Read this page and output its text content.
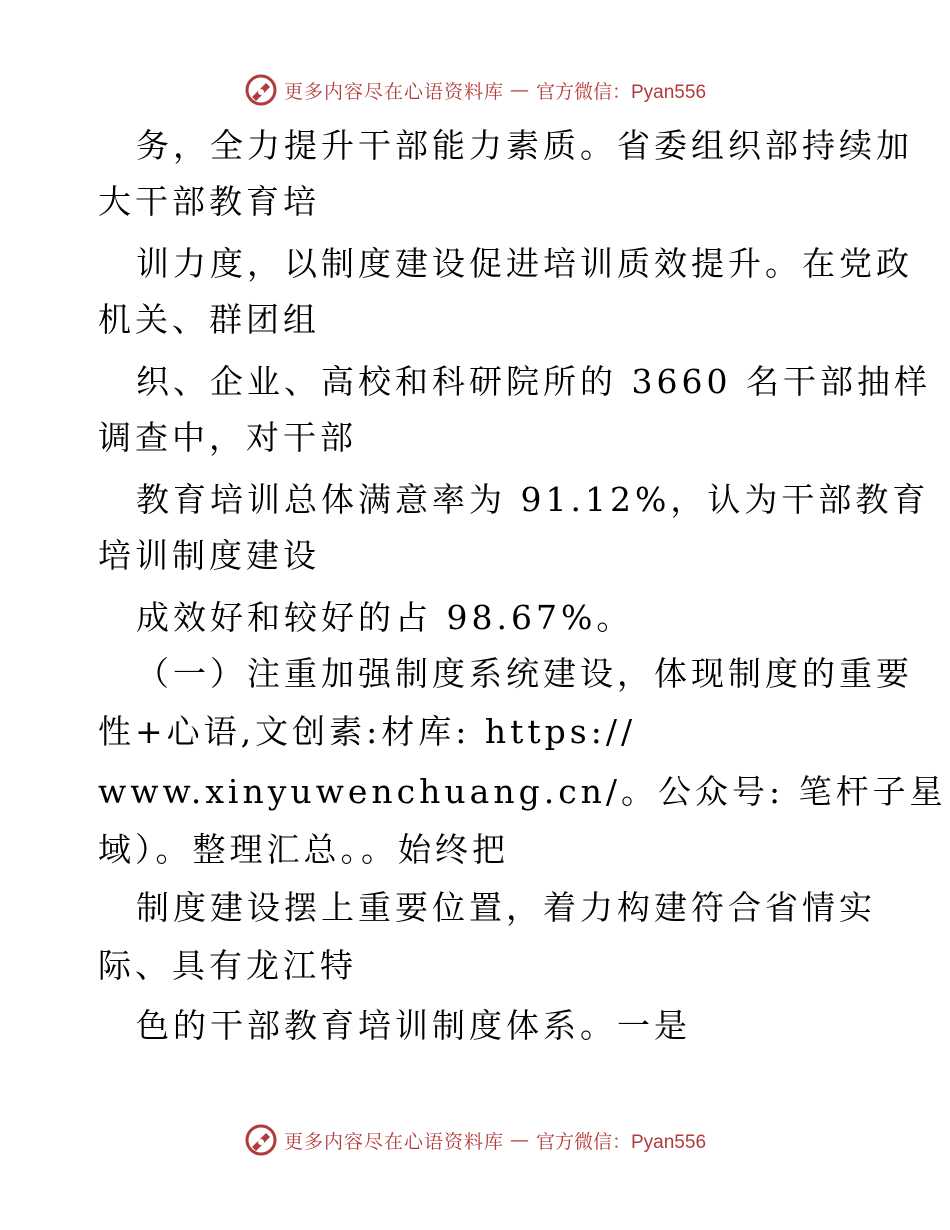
更多内容尽在心语资料库 — 官方微信：Pyan556
务，全力提升干部能力素质。省委组织部持续加
大干部教育培
训力度，以制度建设促进培训质效提升。在党政
机关、群团组
织、企业、高校和科研院所的 3660 名干部抽样
调查中，对干部
教育培训总体满意率为 91.12%，认为干部教育
培训制度建设
成效好和较好的占 98.67%。
（一）注重加强制度系统建设，体现制度的重要
性+心语,文创素:材库: https://
www.xinyuwenchuang.cn/。公众号: 笔杆子星
域）。整理汇总。。始终把
制度建设摆上重要位置，着力构建符合省情实
际、具有龙江特
色的干部教育培训制度体系。一是
更多内容尽在心语资料库 — 官方微信：Pyan556
